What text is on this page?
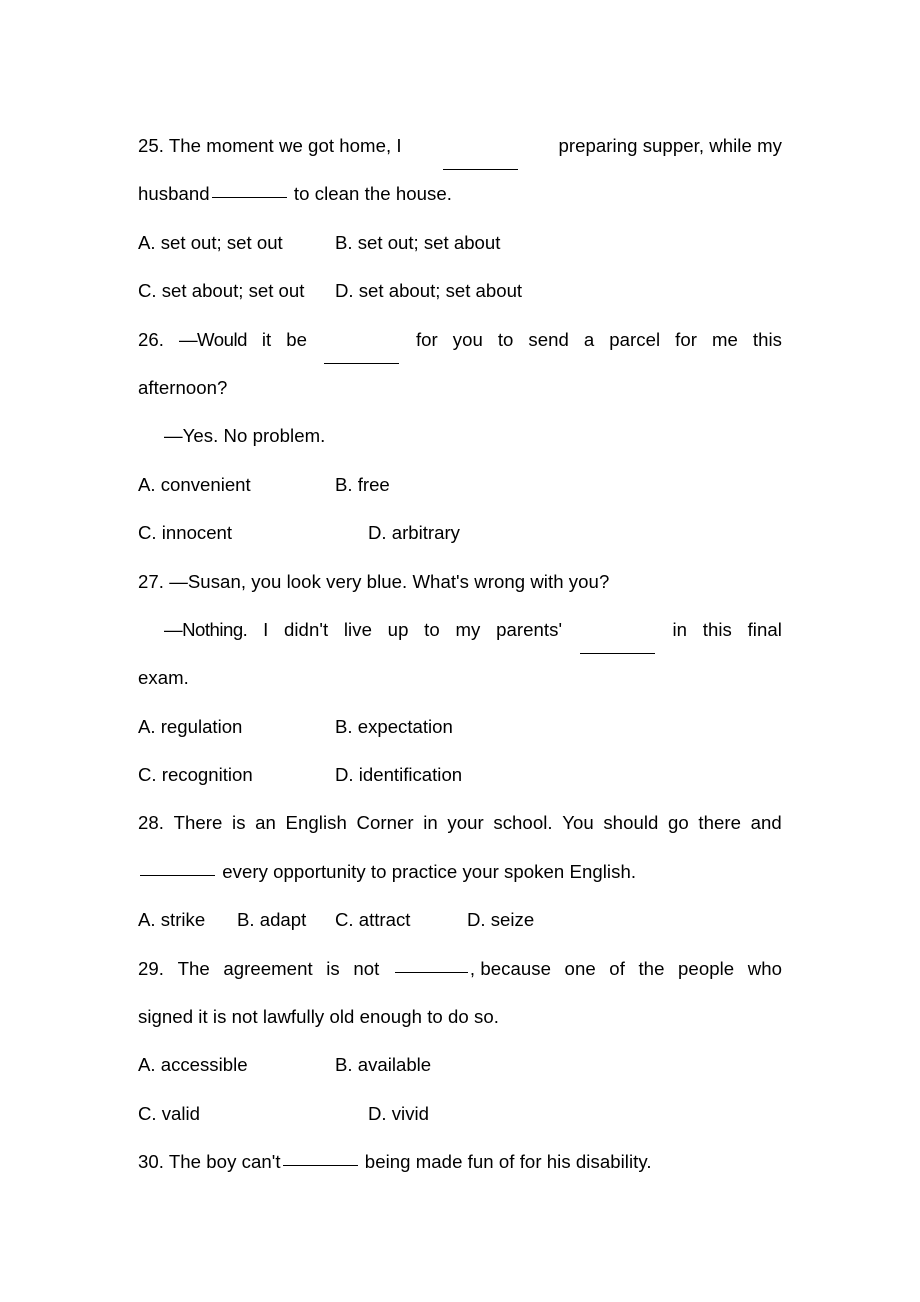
25. The moment we got home, I	preparing supper, while my
husband	to clean the house.
A. set out; set out	B. set out; set about
C. set about; set out D. set about; set about
26. —Would it be	for you to send a parcel for me this
afternoon?
—Yes. No problem.
A. convenient	B. free
C. innocent	D. arbitrary
27. —Susan, you look very blue. What's wrong with you?
—Nothing. I didn't live up to my parents'	in this final
exam.
A. regulation	B. expectation
C. recognition	D. identification
28. There is an English Corner in your school. You should go there and
every opportunity to practice your spoken English.
A. strike B. adapt C. attract	D. seize
29. The agreement is not	, because one of the people who
signed it is not lawfully old enough to do so.
A. accessible	B. available
C. valid	D. vivid
30. The boy can't	being made fun of for his disability.
